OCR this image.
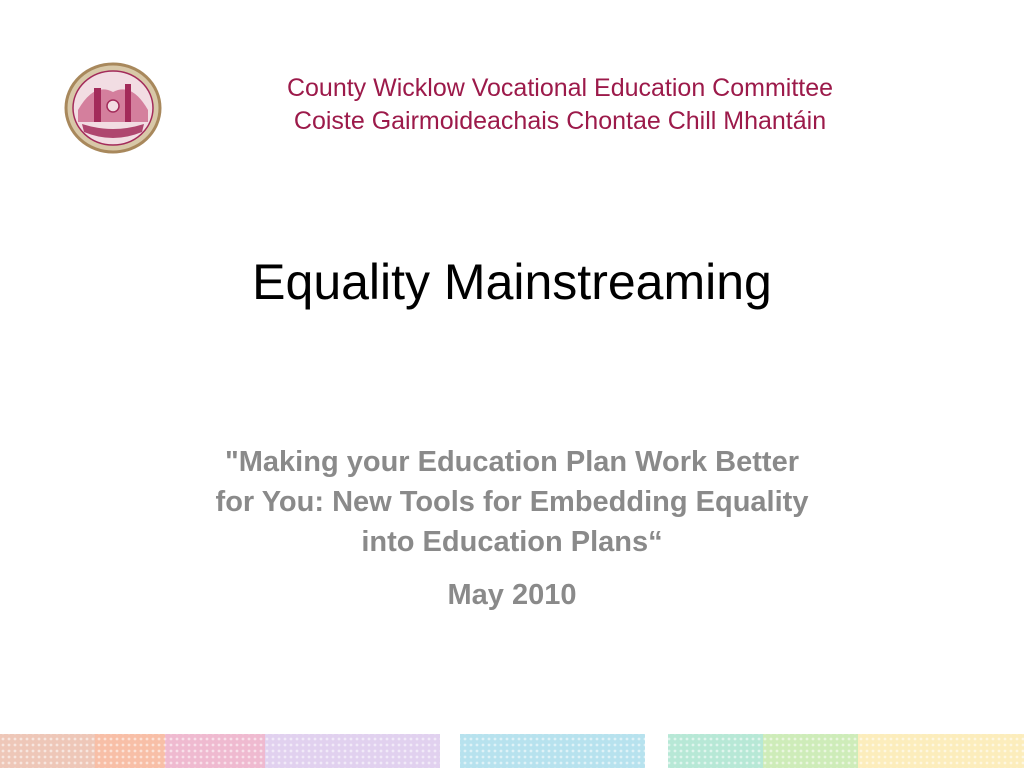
County Wicklow Vocational Education Committee
Coiste Gairmoideachais Chontae Chill Mhantáin
Equality Mainstreaming
"Making your Education Plan Work Better
for You: New Tools for Embedding Equality
into Education Plans“
May 2010
